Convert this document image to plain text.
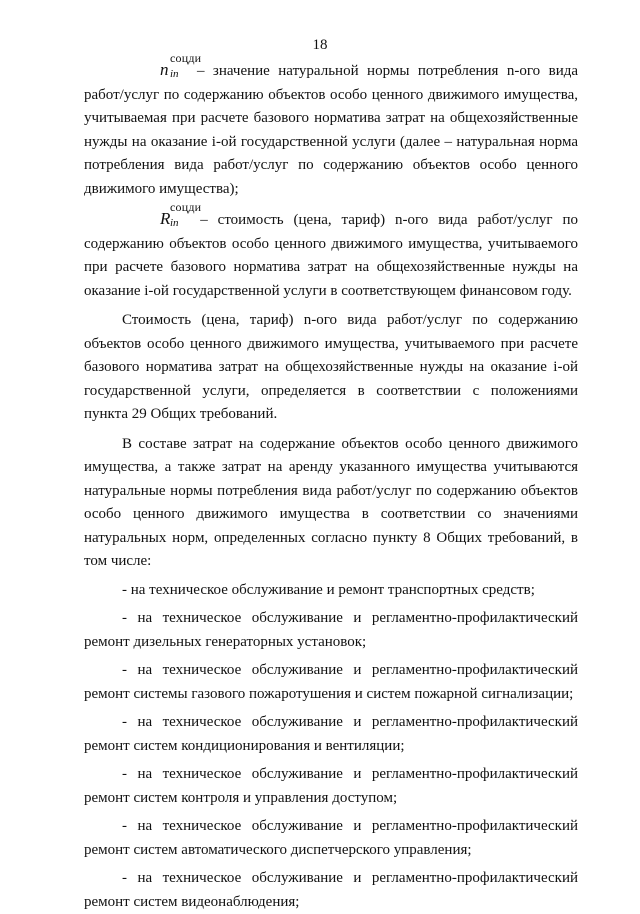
18

n
соцди
in – значение натуральной нормы потребления n-ого вида работ/услуг по содержанию объектов особо ценного движимого имущества, учитываемая при расчете базового норматива затрат на общехозяйственные нужды на оказание i-ой государственной услуги (далее – натуральная норма потребления вида работ/услуг по содержанию объектов особо ценного движимого имущества);

R
соцди
in – стоимость (цена, тариф) n-ого вида работ/услуг по содержанию объектов особо ценного движимого имущества, учитываемого при расчете базового норматива затрат на общехозяйственные нужды на оказание i-ой государственной услуги в соответствующем финансовом году.

Стоимость (цена, тариф) n-ого вида работ/услуг по содержанию объектов особо ценного движимого имущества, учитываемого при расчете базового норматива затрат на общехозяйственные нужды на оказание i-ой государственной услуги, определяется в соответствии с положениями пункта 29 Общих требований.

В составе затрат на содержание объектов особо ценного движимого имущества, а также затрат на аренду указанного имущества учитываются натуральные нормы потребления вида работ/услуг по содержанию объектов особо ценного движимого имущества в соответствии со значениями натуральных норм, определенных согласно пункту 8 Общих требований, в том числе:

- на техническое обслуживание и ремонт транспортных средств;

- на техническое обслуживание и регламентно-профилактический ремонт дизельных генераторных установок;

- на техническое обслуживание и регламентно-профилактический ремонт системы газового пожаротушения и систем пожарной сигнализации;

- на техническое обслуживание и регламентно-профилактический ремонт систем кондиционирования и вентиляции;

- на техническое обслуживание и регламентно-профилактический ремонт систем контроля и управления доступом;

- на техническое обслуживание и регламентно-профилактический ремонт систем автоматического диспетчерского управления;

- на техническое обслуживание и регламентно-профилактический ремонт систем видеонаблюдения;
